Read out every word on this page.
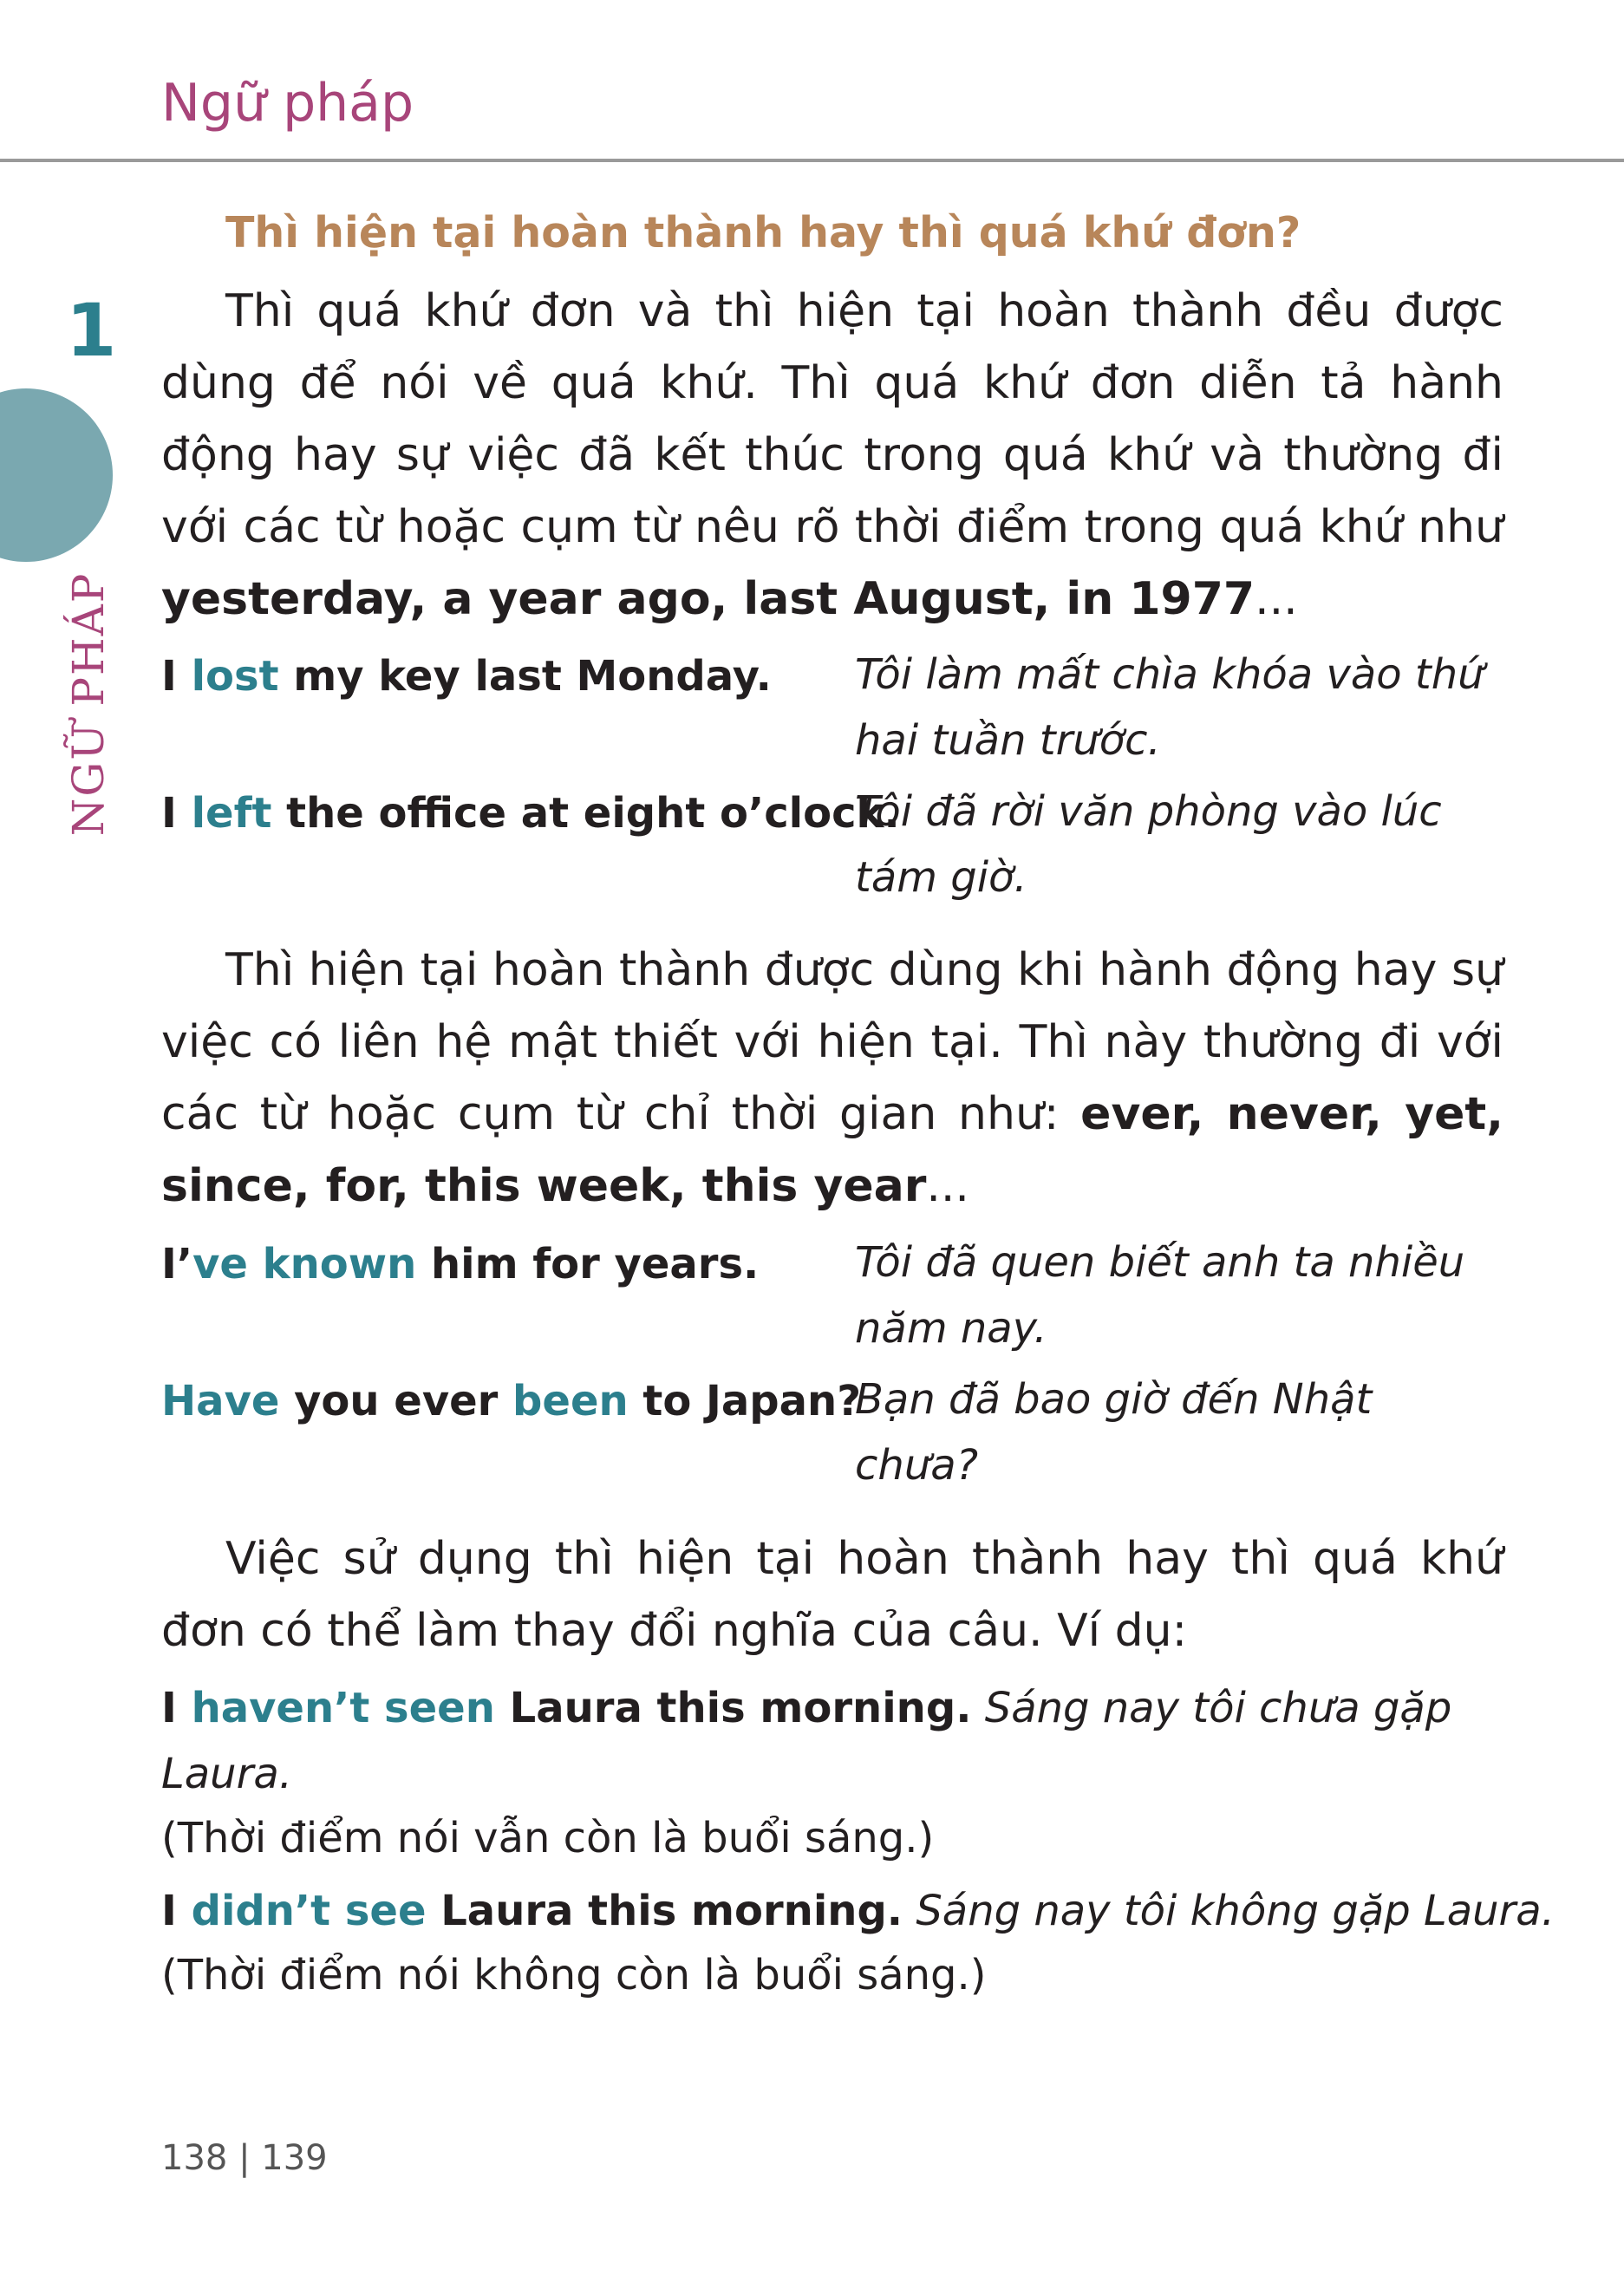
Ngữ pháp
1
NGỮ PHÁP
Thì hiện tại hoàn thành hay thì quá khứ đơn?

Thì quá khứ đơn và thì hiện tại hoàn thành đều được dùng để nói về quá khứ. Thì quá khứ đơn diễn tả hành động hay sự việc đã kết thúc trong quá khứ và thường đi với các từ hoặc cụm từ nêu rõ thời điểm trong quá khứ như yesterday, a year ago, last August, in 1977...

I lost my key last Monday. Tôi làm mất chìa khóa vào thứ hai tuần trước.
I left the office at eight o’clock.
Tôi đã rời văn phòng vào lúc tám giờ.

Thì hiện tại hoàn thành được dùng khi hành động hay sự việc có liên hệ mật thiết với hiện tại. Thì này thường đi với các từ hoặc cụm từ chỉ thời gian như: ever, never, yet, since, for, this week, this year...

I’ve known him for years. Tôi đã quen biết anh ta nhiều năm nay.
Have you ever been to Japan?
Bạn đã bao giờ đến Nhật chưa?

Việc sử dụng thì hiện tại hoàn thành hay thì quá khứ đơn có thể làm thay đổi nghĩa của câu. Ví dụ:

I haven’t seen Laura this morning. Sáng nay tôi chưa gặp
Laura.
(Thời điểm nói vẫn còn là buổi sáng.)
I didn’t see Laura this morning. Sáng nay tôi không gặp Laura.
(Thời điểm nói không còn là buổi sáng.)
138 | 139
